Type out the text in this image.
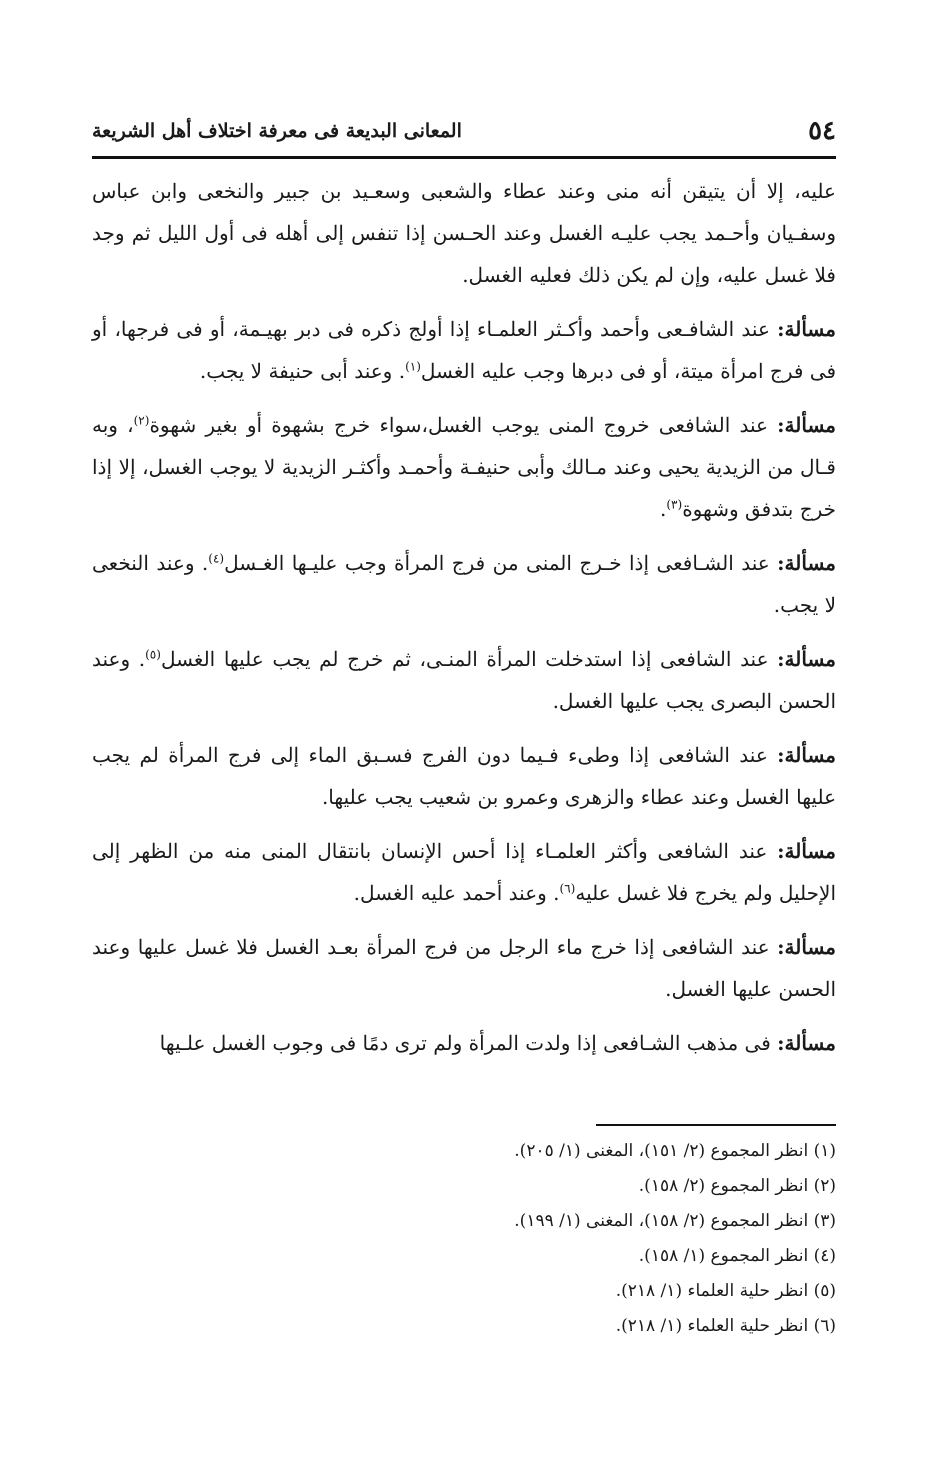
٥٤
المعانى البديعة فى معرفة اختلاف أهل الشريعة

عليه، إلا أن يتيقن أنه منى وعند عطاء والشعبى وسعـيد بن جبير والنخعى وابن عباس وسفـيان وأحـمد يجب عليـه الغسل وعند الحـسن إذا تنفس إلى أهله فى أول الليل ثم وجد فلا غسل عليه، وإن لم يكن ذلك فعليه الغسل.

مسألة: عند الشافـعى وأحمد وأكـثر العلمـاء إذا أولج ذكره فى دبر بهيـمة، أو فى فرجها، أو فى فرج امرأة ميتة، أو فى دبرها وجب عليه الغسل$^{(١)}$. وعند أبى حنيفة لا يجب.

مسألة: عند الشافعى خروج المنى يوجب الغسل،سواء خرج بشهوة أو بغير شهوة$^{(٢)}$، وبه قـال من الزيدية يحيى وعند مـالك وأبى حنيفـة وأحمـد وأكثـر الزيدية لا يوجب الغسل، إلا إذا خرج بتدفق وشهوة$^{(٣)}$.

مسألة: عند الشـافعى إذا خـرج المنى من فرج المرأة وجب عليـها الغـسل$^{(٤)}$. وعند النخعى لا يجب.

مسألة: عند الشافعى إذا استدخلت المرأة المنـى، ثم خرج لم يجب عليها الغسل$^{(٥)}$. وعند الحسن البصرى يجب عليها الغسل.

مسألة: عند الشافعى إذا وطىء فـيما دون الفرج فسـبق الماء إلى فرج المرأة لم يجب عليها الغسل وعند عطاء والزهرى وعمرو بن شعيب يجب عليها.

مسألة: عند الشافعى وأكثر العلمـاء إذا أحس الإنسان بانتقال المنى منه من الظهر إلى الإحليل ولم يخرج فلا غسل عليه$^{(٦)}$. وعند أحمد عليه الغسل.

مسألة: عند الشافعى إذا خرج ماء الرجل من فرج المرأة بعـد الغسل فلا غسل عليها وعند الحسن عليها الغسل.

مسألة: فى مذهب الشـافعى إذا ولدت المرأة ولم ترى دمًا فى وجوب الغسل علـيها

(١) انظر المجموع (٢/ ١٥١)، المغنى (١/ ٢٠٥).

(٢) انظر المجموع (٢/ ١٥٨).

(٣) انظر المجموع (٢/ ١٥٨)، المغنى (١/ ١٩٩).

(٤) انظر المجموع (١/ ١٥٨).

(٥) انظر حلية العلماء (١/ ٢١٨).

(٦) انظر حلية العلماء (١/ ٢١٨).
